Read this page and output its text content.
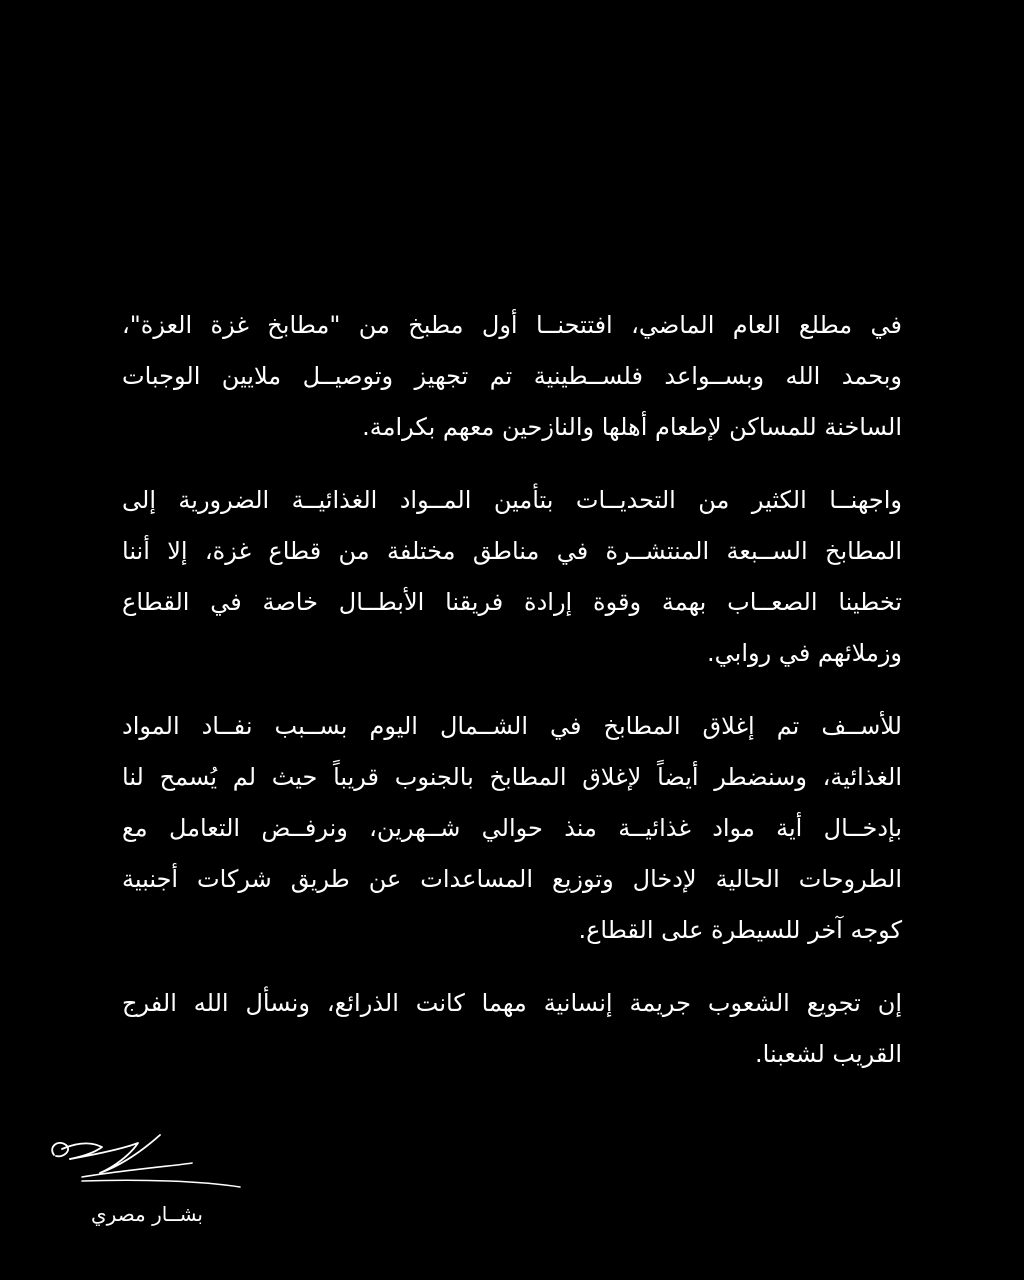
في مطلع العام الماضي، افتتحنــا أول مطبخ من "مطابخ غزة العزة"،
وبحمد الله وبســواعد فلســطينية تم تجهيز وتوصيــل ملايين الوجبات
الساخنة للمساكن لإطعام أهلها والنازحين معهم بكرامة.
واجهنــا الكثير من التحديــات بتأمين المــواد الغذائيــة الضرورية إلى
المطابخ الســبعة المنتشــرة في مناطق مختلفة من قطاع غزة، إلا أننا
تخطينا الصعــاب بهمة وقوة إرادة فريقنا الأبطــال خاصة في القطاع
وزملائهم في روابي.
للأســف تم إغلاق المطابخ في الشــمال اليوم بســبب نفــاد المواد
الغذائية، وسنضطر أيضاً لإغلاق المطابخ بالجنوب قريباً حيث لم يُسمح لنا
بإدخــال أية مواد غذائيــة منذ حوالي شــهرين، ونرفــض التعامل مع
الطروحات الحالية لإدخال وتوزيع المساعدات عن طريق شركات أجنبية
كوجه آخر للسيطرة على القطاع.
إن تجويع الشعوب جريمة إنسانية مهما كانت الذرائع، ونسأل الله الفرج
القريب لشعبنا.
بشــار مصري
